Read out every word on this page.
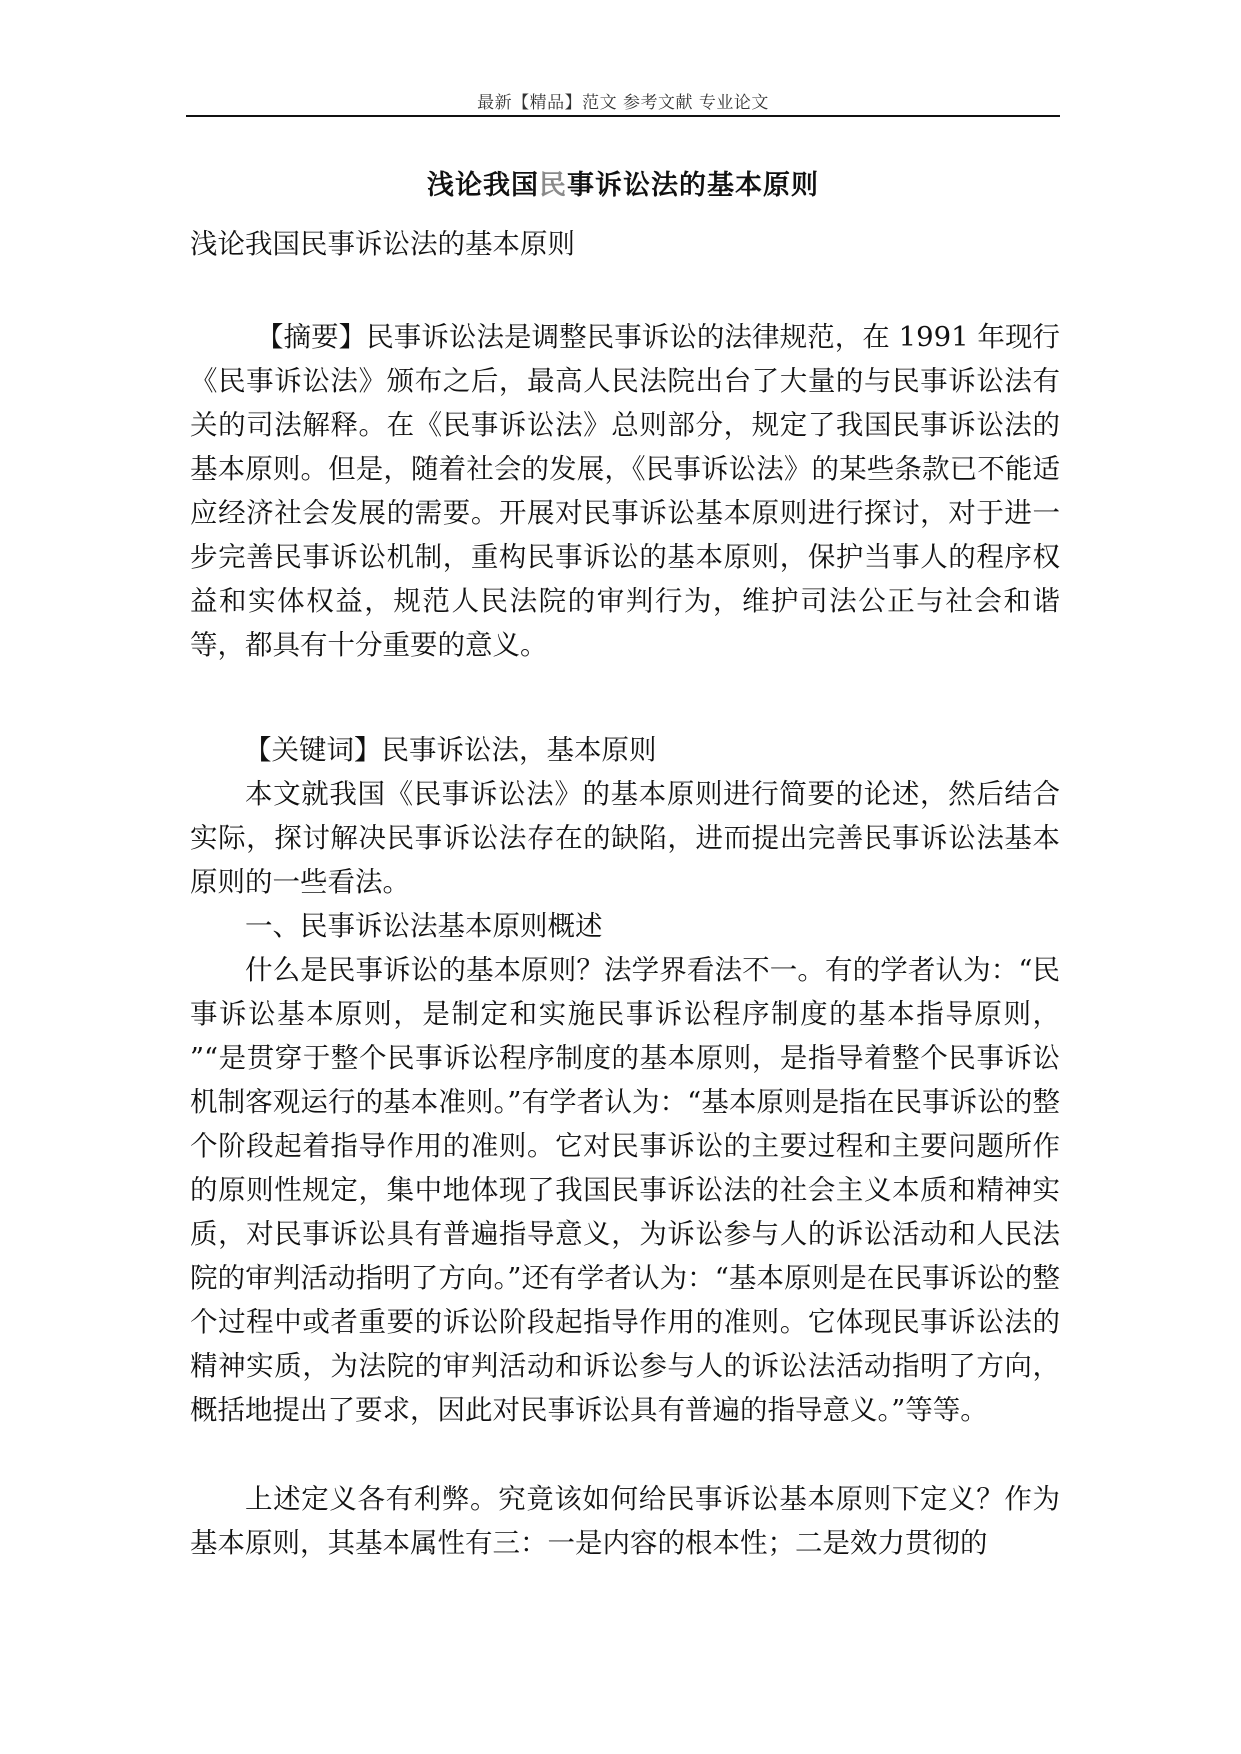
最新【精品】范文 参考文献 专业论文
浅论我国民事诉讼法的基本原则

浅论我国民事诉讼法的基本原则

【摘要】民事诉讼法是调整民事诉讼的法律规范，在 1991 年现行《民事诉讼法》颁布之后，最高人民法院出台了大量的与民事诉讼法有关的司法解释。在《民事诉讼法》总则部分，规定了我国民事诉讼法的基本原则。但是，随着社会的发展，《民事诉讼法》的某些条款已不能适应经济社会发展的需要。开展对民事诉讼基本原则进行探讨，对于进一步完善民事诉讼机制，重构民事诉讼的基本原则，保护当事人的程序权益和实体权益，规范人民法院的审判行为，维护司法公正与社会和谐等，都具有十分重要的意义。

【关键词】民事诉讼法，基本原则

本文就我国《民事诉讼法》的基本原则进行简要的论述，然后结合实际，探讨解决民事诉讼法存在的缺陷，进而提出完善民事诉讼法基本原则的一些看法。

一、民事诉讼法基本原则概述

什么是民事诉讼的基本原则？法学界看法不一。有的学者认为：“民事诉讼基本原则，是制定和实施民事诉讼程序制度的基本指导原则， ”“是贯穿于整个民事诉讼程序制度的基本原则，是指导着整个民事诉讼机制客观运行的基本准则。”有学者认为：“基本原则是指在民事诉讼的整个阶段起着指导作用的准则。它对民事诉讼的主要过程和主要问题所作的原则性规定，集中地体现了我国民事诉讼法的社会主义本质和精神实质，对民事诉讼具有普遍指导意义，为诉讼参与人的诉讼活动和人民法院的审判活动指明了方向。”还有学者认为：“基本原则是在民事诉讼的整个过程中或者重要的诉讼阶段起指导作用的准则。它体现民事诉讼法的精神实质，为法院的审判活动和诉讼参与人的诉讼法活动指明了方向，概括地提出了要求，因此对民事诉讼具有普遍的指导意义。”等等。

上述定义各有利弊。究竟该如何给民事诉讼基本原则下定义？作为基本原则，其基本属性有三：一是内容的根本性；二是效力贯彻的
